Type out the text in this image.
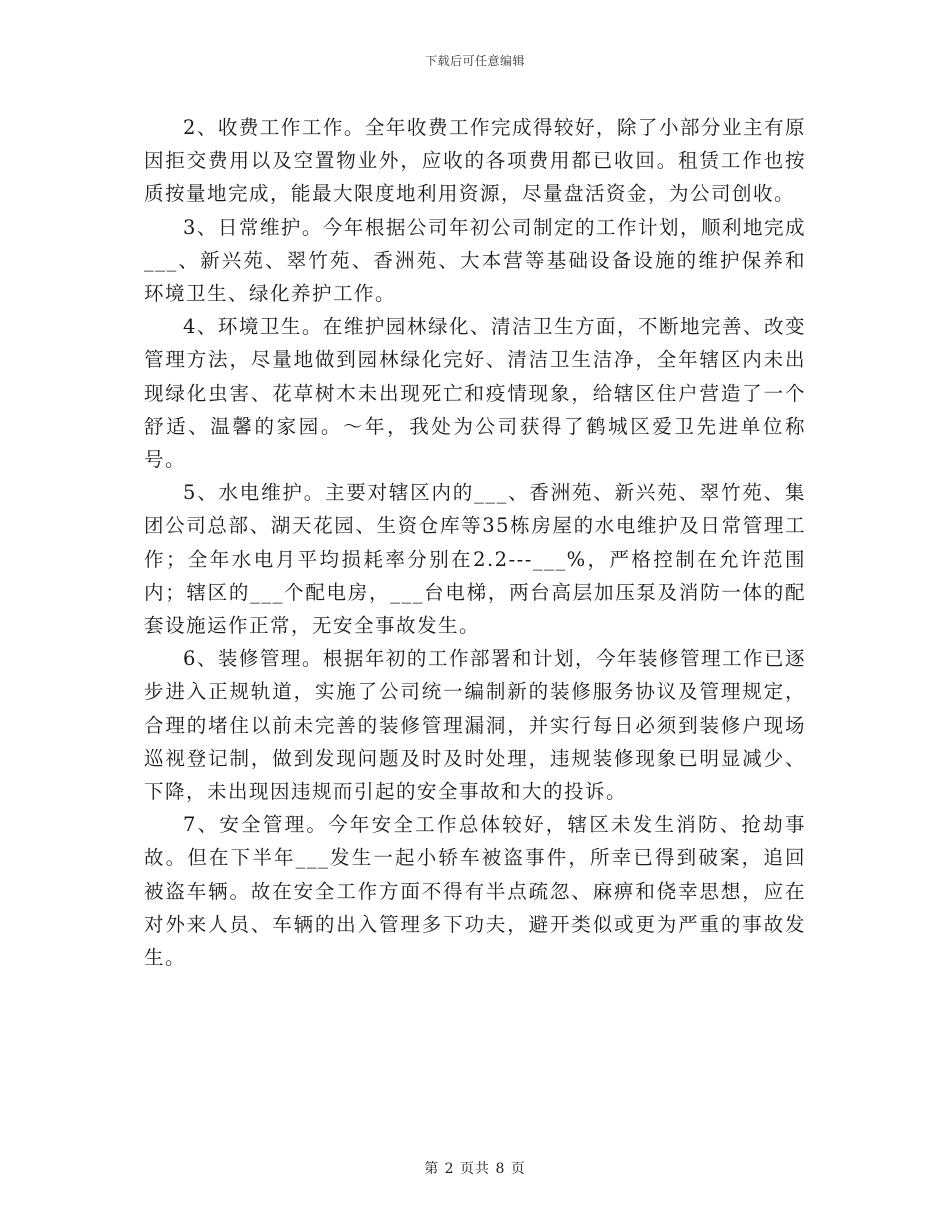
下载后可任意编辑

2、收费工作工作。全年收费工作完成得较好，除了小部分业主有原因拒交费用以及空置物业外，应收的各项费用都已收回。租赁工作也按质按量地完成，能最大限度地利用资源，尽量盘活资金，为公司创收。

3、日常维护。今年根据公司年初公司制定的工作计划，顺利地完成___、新兴苑、翠竹苑、香洲苑、大本营等基础设备设施的维护保养和环境卫生、绿化养护工作。

4、环境卫生。在维护园林绿化、清洁卫生方面，不断地完善、改变管理方法，尽量地做到园林绿化完好、清洁卫生洁净，全年辖区内未出现绿化虫害、花草树木未出现死亡和疫情现象，给辖区住户营造了一个舒适、温馨的家园。～年，我处为公司获得了鹤城区爱卫先进单位称号。

5、水电维护。主要对辖区内的___、香洲苑、新兴苑、翠竹苑、集团公司总部、湖天花园、生资仓库等35栋房屋的水电维护及日常管理工作；全年水电月平均损耗率分别在2.2---___%，严格控制在允许范围内；辖区的___个配电房，___台电梯，两台高层加压泵及消防一体的配套设施运作正常，无安全事故发生。

6、装修管理。根据年初的工作部署和计划，今年装修管理工作已逐步进入正规轨道，实施了公司统一编制新的装修服务协议及管理规定，合理的堵住以前未完善的装修管理漏洞，并实行每日必须到装修户现场巡视登记制，做到发现问题及时及时处理，违规装修现象已明显减少、下降，未出现因违规而引起的安全事故和大的投诉。

7、安全管理。今年安全工作总体较好，辖区未发生消防、抢劫事故。但在下半年___发生一起小轿车被盗事件，所幸已得到破案，追回被盗车辆。故在安全工作方面不得有半点疏忽、麻痹和侥幸思想，应在对外来人员、车辆的出入管理多下功夫，避开类似或更为严重的事故发生。

第 2 页共 8 页
